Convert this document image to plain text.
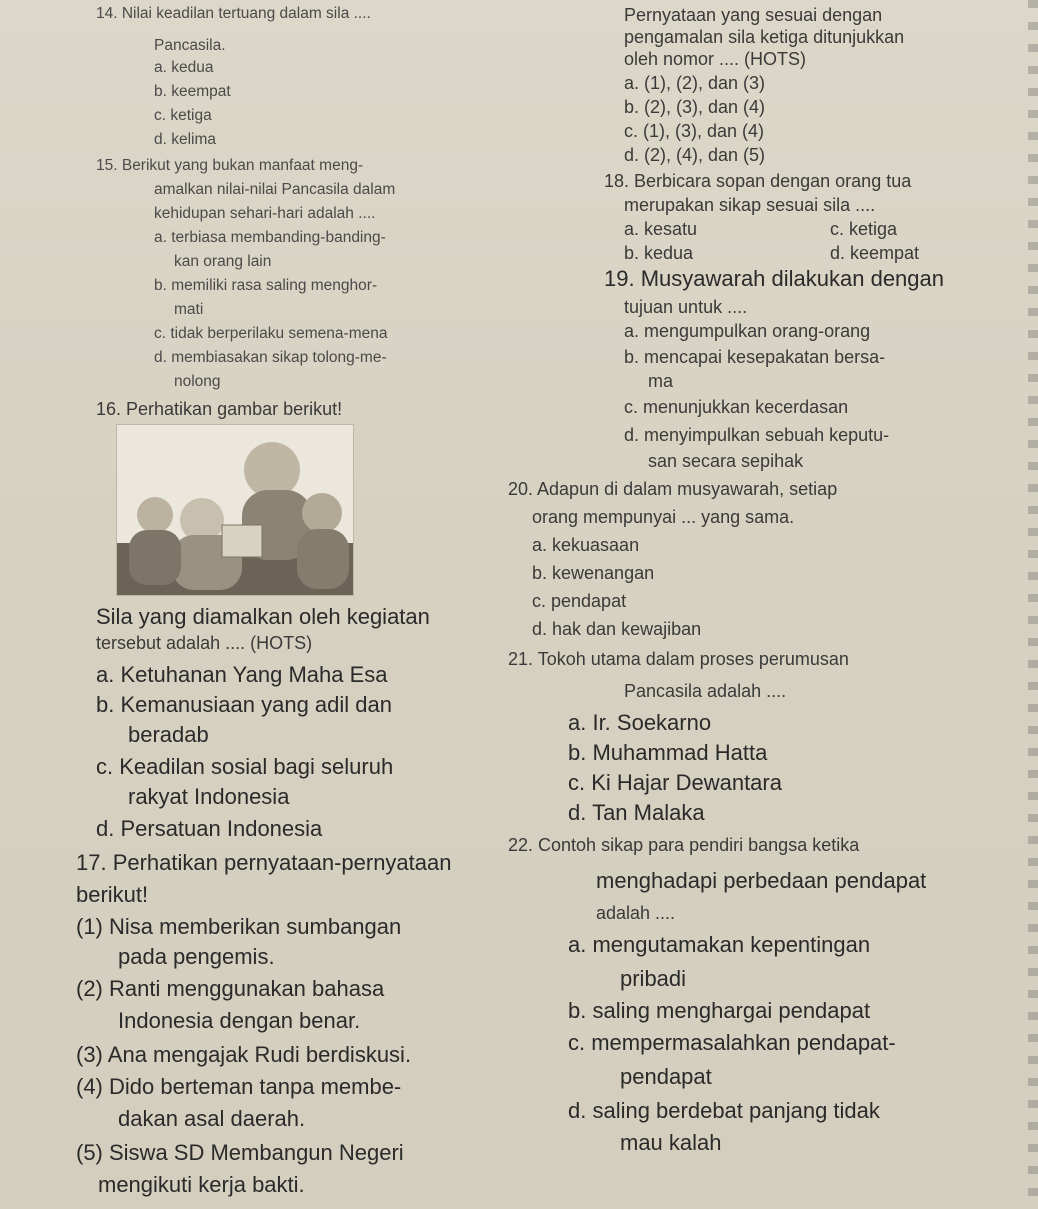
14. Nilai keadilan tertuang dalam sila ....
Pancasila.
a. kedua
b. keempat
c. ketiga
d. kelima
15. Berikut yang bukan manfaat meng-
amalkan nilai-nilai Pancasila dalam
kehidupan sehari-hari adalah ....
a. terbiasa membanding-banding-
kan orang lain
b. memiliki rasa saling menghor-
mati
c. tidak berperilaku semena-mena
d. membiasakan sikap tolong-me-
nolong
16. Perhatikan gambar berikut!
Sila yang diamalkan oleh kegiatan
tersebut adalah .... (HOTS)
a. Ketuhanan Yang Maha Esa
b. Kemanusiaan yang adil dan
beradab
c. Keadilan sosial bagi seluruh
rakyat Indonesia
d. Persatuan Indonesia
17. Perhatikan pernyataan-pernyataan
berikut!
(1) Nisa memberikan sumbangan
pada pengemis.
(2) Ranti menggunakan bahasa
Indonesia dengan benar.
(3) Ana mengajak Rudi berdiskusi.
(4) Dido berteman tanpa membe-
dakan asal daerah.
(5) Siswa SD Membangun Negeri
mengikuti kerja bakti.
Pernyataan yang sesuai dengan
pengamalan sila ketiga ditunjukkan
oleh nomor .... (HOTS)
a. (1), (2), dan (3)
b. (2), (3), dan (4)
c. (1), (3), dan (4)
d. (2), (4), dan (5)
18. Berbicara sopan dengan orang tua
merupakan sikap sesuai sila ....
a. kesatu	c. ketiga
b. kedua	d. keempat
19. Musyawarah dilakukan dengan
tujuan untuk ....
a. mengumpulkan orang-orang
b. mencapai kesepakatan bersa-
ma
c. menunjukkan kecerdasan
d. menyimpulkan sebuah keputu-
san secara sepihak
20. Adapun di dalam musyawarah, setiap
orang mempunyai ... yang sama.
a. kekuasaan
b. kewenangan
c. pendapat
d. hak dan kewajiban
21. Tokoh utama dalam proses perumusan
Pancasila adalah ....
a. Ir. Soekarno
b. Muhammad Hatta
c. Ki Hajar Dewantara
d. Tan Malaka
22. Contoh sikap para pendiri bangsa ketika
menghadapi perbedaan pendapat
adalah ....
a. mengutamakan kepentingan
pribadi
b. saling menghargai pendapat
c. mempermasalahkan pendapat-
pendapat
d. saling berdebat panjang tidak
mau kalah
